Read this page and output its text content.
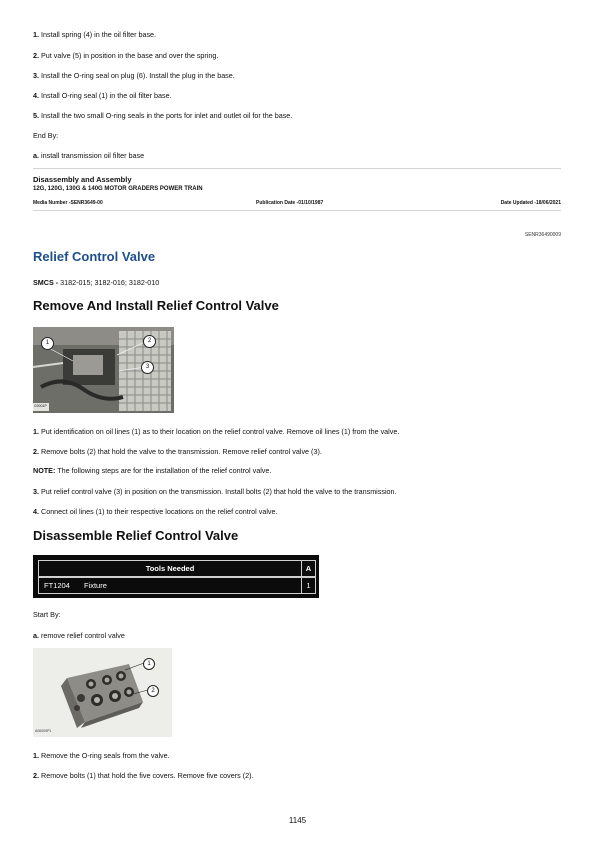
1. Install spring (4) in the oil filter base.
2. Put valve (5) in position in the base and over the spring.
3. Install the O-ring seal on plug (6). Install the plug in the base.
4. Install O-ring seal (1) in the oil filter base.
5. Install the two small O-ring seals in the ports for inlet and outlet oil for the base.
End By:
a. install transmission oil filter base
Disassembly and Assembly
12G, 120G, 130G & 140G MOTOR GRADERS POWER TRAIN
Media Number -SENR3649-00	Publication Date -01/10/1987	Date Updated -18/06/2021
SENR36490009
Relief Control Valve
SMCS - 3182-015; 3182-016; 3182-010
Remove And Install Relief Control Valve
1	2
3
G0001P
1. Put identification on oil lines (1) as to their location on the relief control valve. Remove oil lines (1) from the valve.
2. Remove bolts (2) that hold the valve to the transmission. Remove relief control valve (3).
NOTE: The following steps are for the installation of the relief control valve.
3. Put relief control valve (3) in position on the transmission. Install bolts (2) that hold the valve to the transmission.
4. Connect oil lines (1) to their respective locations on the relief control valve.
Disassemble Relief Control Valve
Tools Needed	A
FT1204 Fixture	1
Start By:
a. remove relief control valve
1
2
A00009P1
1. Remove the O-ring seals from the valve.
2. Remove bolts (1) that hold the five covers. Remove five covers (2).
1145
